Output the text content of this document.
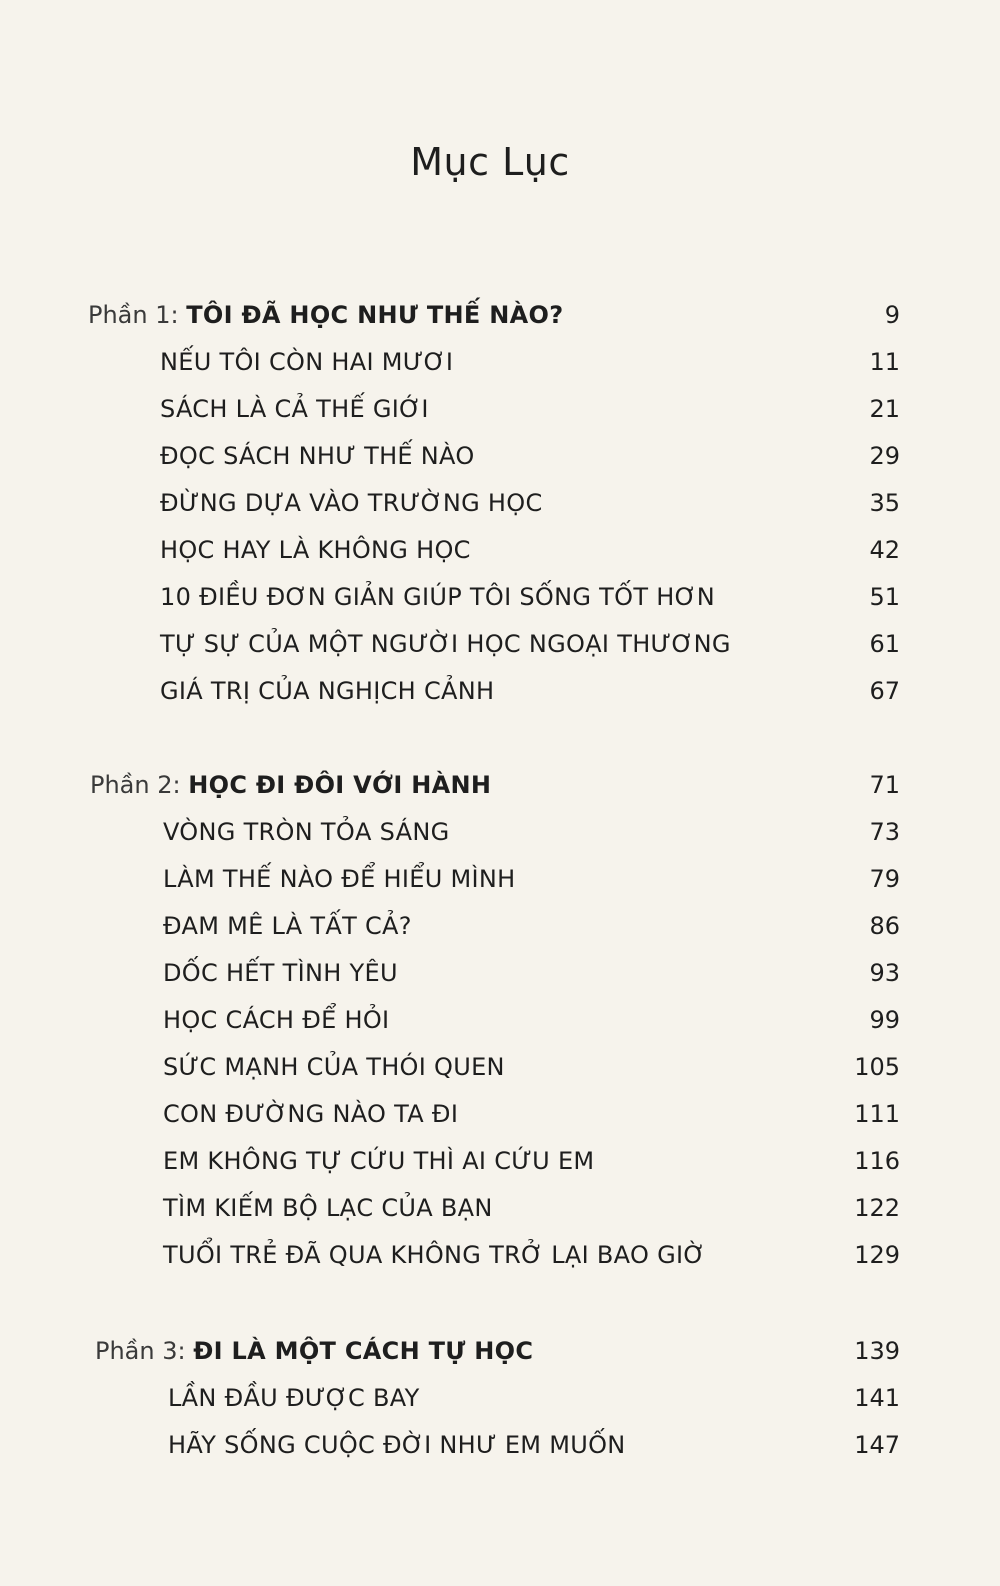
Mục Lục
Phần 1: TÔI ĐÃ HỌC NHƯ THẾ NÀO?	9
NẾU TÔI CÒN HAI MƯƠI	11
SÁCH LÀ CẢ THẾ GIỚI	21
ĐỌC SÁCH NHƯ THẾ NÀO	29
ĐỪNG DỰA VÀO TRƯỜNG HỌC	35
HỌC HAY LÀ KHÔNG HỌC	42
10 ĐIỀU ĐƠN GIẢN GIÚP TÔI SỐNG TỐT HƠN	51
TỰ SỰ CỦA MỘT NGƯỜI HỌC NGOẠI THƯƠNG	61
GIÁ TRỊ CỦA NGHỊCH CẢNH	67
Phần 2: HỌC ĐI ĐÔI VỚI HÀNH	71
VÒNG TRÒN TỎA SÁNG	73
LÀM THẾ NÀO ĐỂ HIỂU MÌNH	79
ĐAM MÊ LÀ TẤT CẢ?	86
DỐC HẾT TÌNH YÊU	93
HỌC CÁCH ĐỂ HỎI	99
SỨC MẠNH CỦA THÓI QUEN	105
CON ĐƯỜNG NÀO TA ĐI	111
EM KHÔNG TỰ CỨU THÌ AI CỨU EM	116
TÌM KIẾM BỘ LẠC CỦA BẠN	122
TUỔI TRẺ ĐÃ QUA KHÔNG TRỞ LẠI BAO GIỜ	129
Phần 3: ĐI LÀ MỘT CÁCH TỰ HỌC	139
LẦN ĐẦU ĐƯỢC BAY	141
HÃY SỐNG CUỘC ĐỜI NHƯ EM MUỐN	147
